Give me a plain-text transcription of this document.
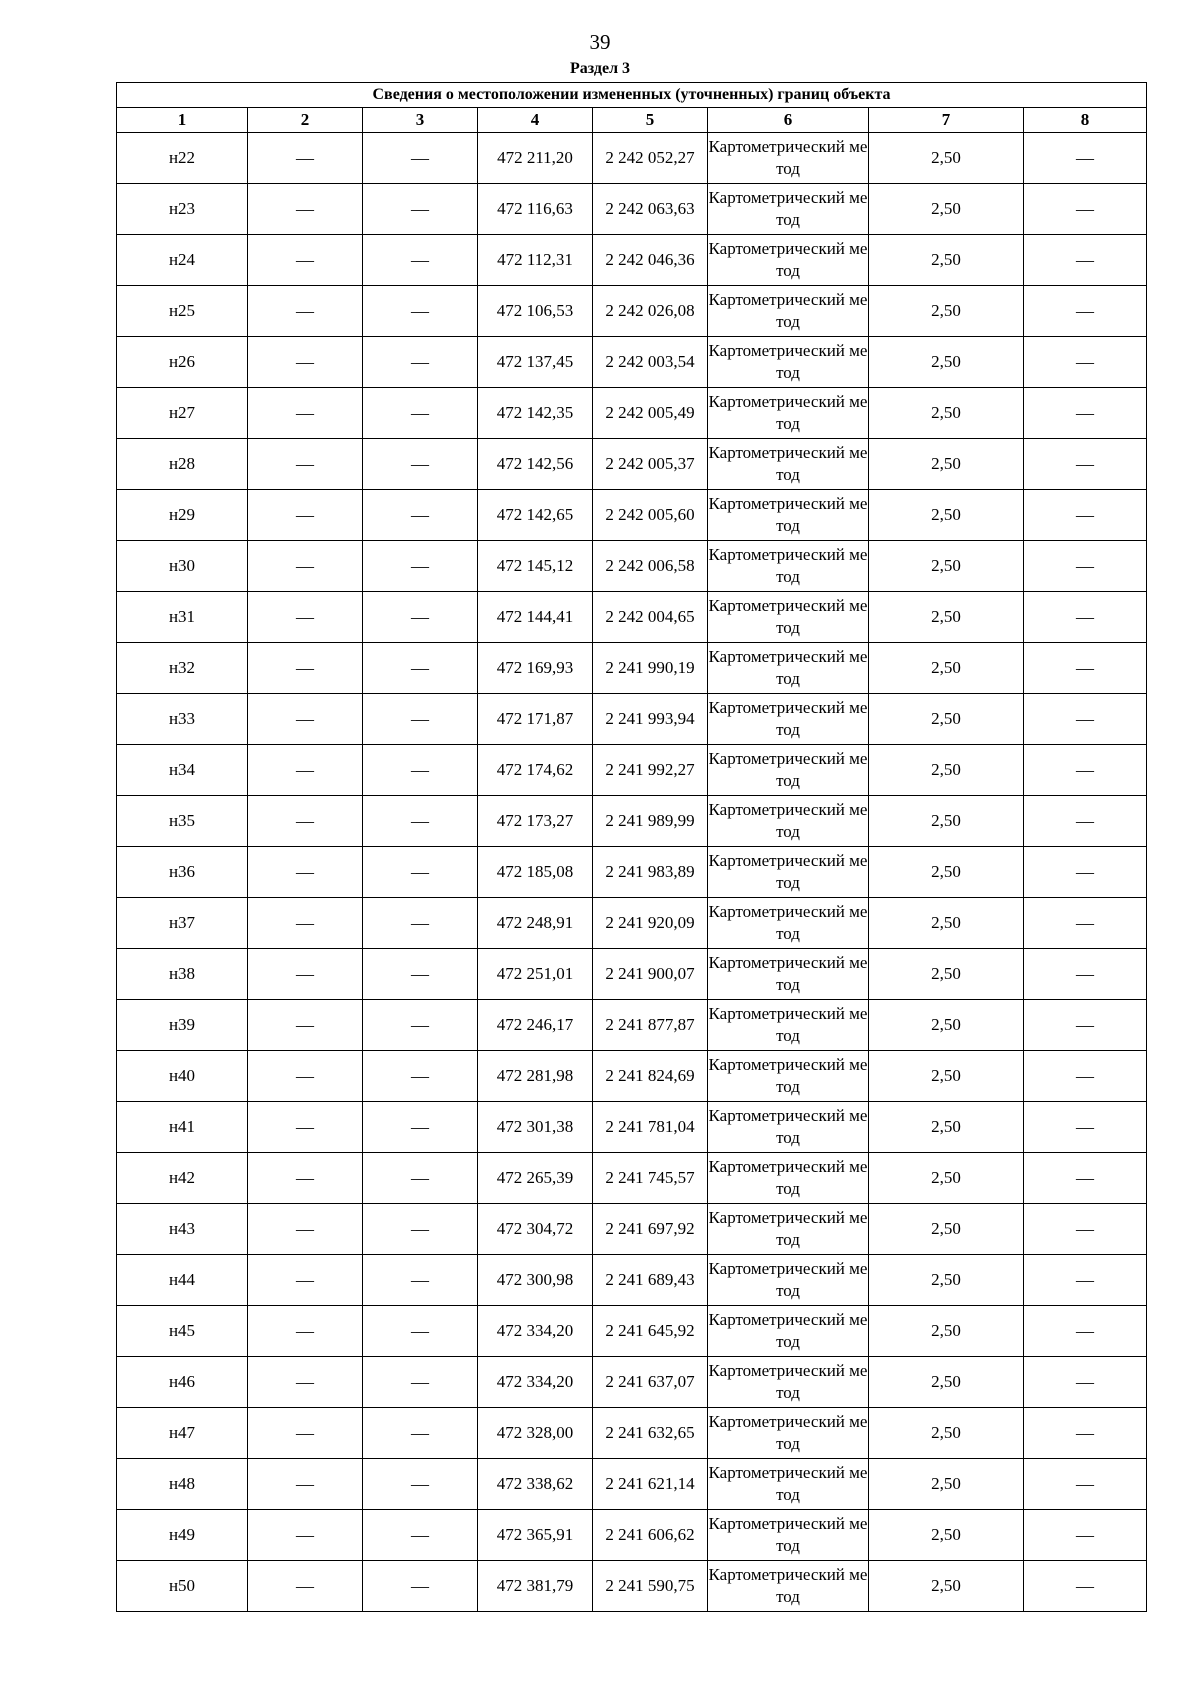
39
Раздел 3
Сведения о местоположении измененных (уточненных) границ объекта							
1	2	3	4	5	6	7	8
н22	—	—	472 211,20	2 242 052,27	Картометрический метод	2,50	—
н23	—	—	472 116,63	2 242 063,63	Картометрический метод	2,50	—
н24	—	—	472 112,31	2 242 046,36	Картометрический метод	2,50	—
н25	—	—	472 106,53	2 242 026,08	Картометрический метод	2,50	—
н26	—	—	472 137,45	2 242 003,54	Картометрический метод	2,50	—
н27	—	—	472 142,35	2 242 005,49	Картометрический метод	2,50	—
н28	—	—	472 142,56	2 242 005,37	Картометрический метод	2,50	—
н29	—	—	472 142,65	2 242 005,60	Картометрический метод	2,50	—
н30	—	—	472 145,12	2 242 006,58	Картометрический метод	2,50	—
н31	—	—	472 144,41	2 242 004,65	Картометрический метод	2,50	—
н32	—	—	472 169,93	2 241 990,19	Картометрический метод	2,50	—
н33	—	—	472 171,87	2 241 993,94	Картометрический метод	2,50	—
н34	—	—	472 174,62	2 241 992,27	Картометрический метод	2,50	—
н35	—	—	472 173,27	2 241 989,99	Картометрический метод	2,50	—
н36	—	—	472 185,08	2 241 983,89	Картометрический метод	2,50	—
н37	—	—	472 248,91	2 241 920,09	Картометрический метод	2,50	—
н38	—	—	472 251,01	2 241 900,07	Картометрический метод	2,50	—
н39	—	—	472 246,17	2 241 877,87	Картометрический метод	2,50	—
н40	—	—	472 281,98	2 241 824,69	Картометрический метод	2,50	—
н41	—	—	472 301,38	2 241 781,04	Картометрический метод	2,50	—
н42	—	—	472 265,39	2 241 745,57	Картометрический метод	2,50	—
н43	—	—	472 304,72	2 241 697,92	Картометрический метод	2,50	—
н44	—	—	472 300,98	2 241 689,43	Картометрический метод	2,50	—
н45	—	—	472 334,20	2 241 645,92	Картометрический метод	2,50	—
н46	—	—	472 334,20	2 241 637,07	Картометрический метод	2,50	—
н47	—	—	472 328,00	2 241 632,65	Картометрический метод	2,50	—
н48	—	—	472 338,62	2 241 621,14	Картометрический метод	2,50	—
н49	—	—	472 365,91	2 241 606,62	Картометрический метод	2,50	—
н50	—	—	472 381,79	2 241 590,75	Картометрический метод	2,50	—
